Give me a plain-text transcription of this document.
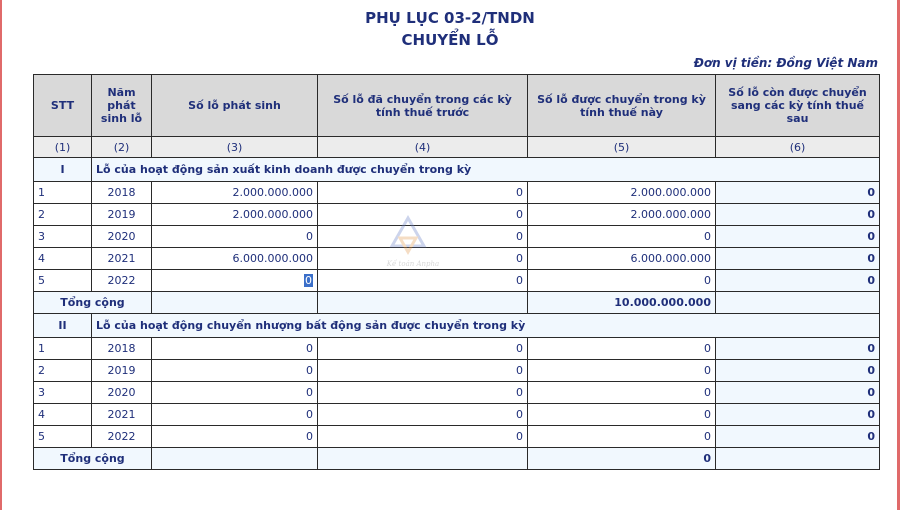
PHỤ LỤC 03-2/TNDN
CHUYỂN LỖ
Đơn vị tiền: Đồng Việt Nam
STT	Năm phát sinh lỗ	Số lỗ phát sinh	Số lỗ đã chuyển trong các kỳ tính thuế trước	Số lỗ được chuyển trong kỳ tính thuế này	Số lỗ còn được chuyển sang các kỳ tính thuế sau
(1)	(2)	(3)	(4)	(5)	(6)
I	Lỗ của hoạt động sản xuất kinh doanh được chuyển trong kỳ				
1	2018	2.000.000.000	0	2.000.000.000	0
2	2019	2.000.000.000	0	2.000.000.000	0
3	2020	0	0	0	0
4	2021	6.000.000.000	0	6.000.000.000	0
5	2022	0	0	0	0
Tổng cộng				10.000.000.000	
II	Lỗ của hoạt động chuyển nhượng bất động sản được chuyển trong kỳ				
1	2018	0	0	0	0
2	2019	0	0	0	0
3	2020	0	0	0	0
4	2021	0	0	0	0
5	2022	0	0	0	0
Tổng cộng				0	
Kế toán Anpha
